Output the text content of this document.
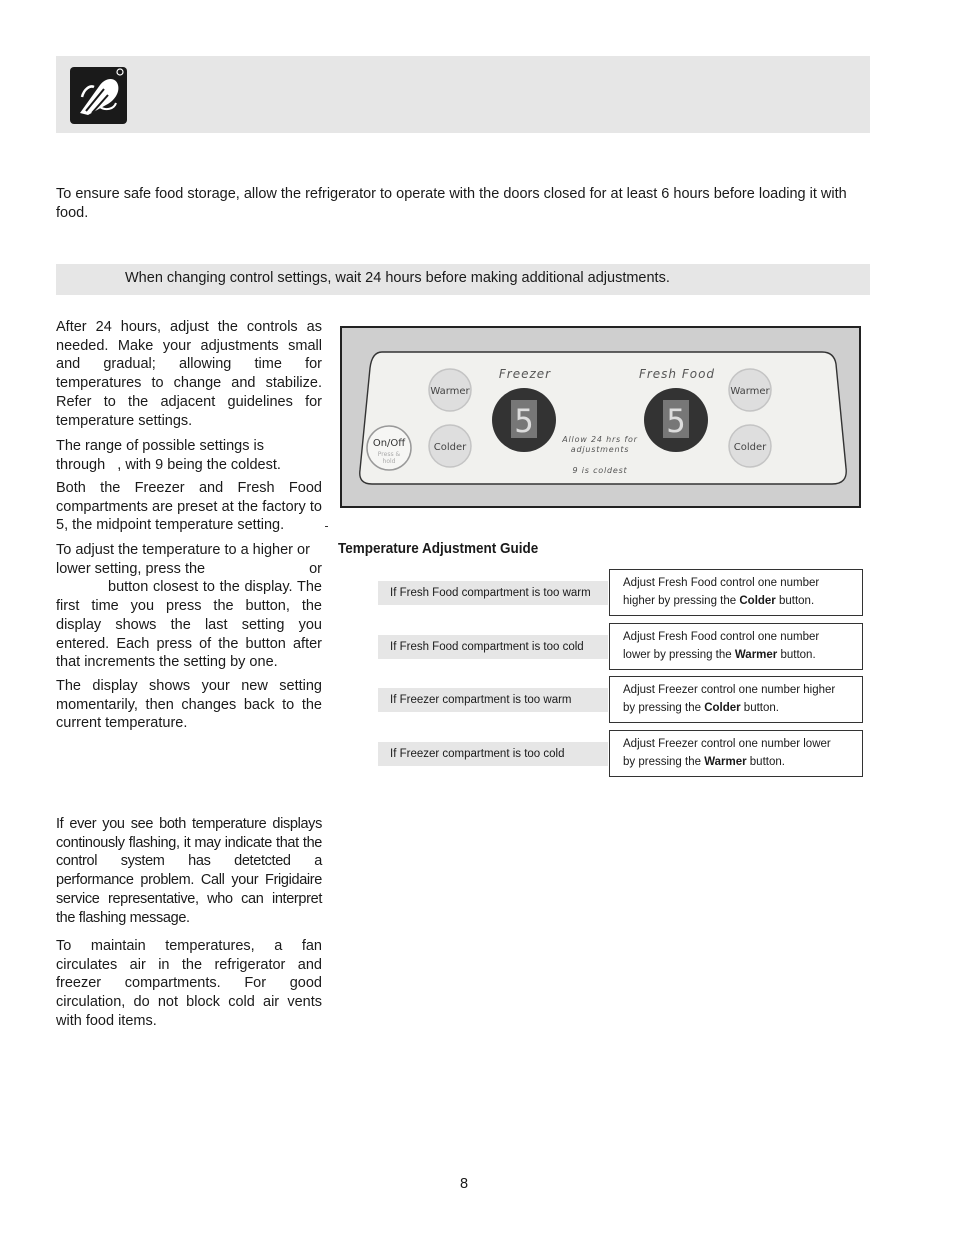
To ensure safe food storage, allow the refrigerator to operate with the doors closed for at least 6 hours before loading it with food.
When changing control settings, wait 24 hours before making additional adjustments.

After 24 hours, adjust the controls as needed. Make your adjustments small and gradual; allowing time for temperatures to change and stabilize. Refer to the adjacent guidelines for temperature settings.

The range of possible settings is

through   , with 9 being the coldest.

Both the Freezer and Fresh Food compartments are preset at the factory to 5, the midpoint temperature setting.

To adjust the temperature to a higher or

lower setting, press the	or

button closest to the display. The first time you press the button, the display shows the last setting you entered. Each press of the button after that increments the setting by one.

The display shows your new setting momentarily, then changes back to the current temperature.

If ever you see both temperature displays continously flashing, it may indicate that the control system has detetcted a performance problem. Call your Frigidaire service representative, who can interpret the flashing message.

To maintain temperatures, a fan circulates air in the refrigerator and freezer compartments. For good circulation, do not block cold air vents with food items.

Freezer	Fresh Food
5	5
Warmer
Colder
Warmer
Colder
On/Off
Press &
hold
Allow 24 hrs for
adjustments
9 is coldest
Temperature Adjustment Guide
If Fresh Food compartment is too warm
Adjust Fresh Food control one number
higher by pressing the Colder button.
If Fresh Food compartment is too cold
Adjust Fresh Food control one number
lower by pressing the Warmer button.
If Freezer compartment is too warm
Adjust Freezer control one number higher
by pressing the Colder button.
If Freezer compartment is too cold
Adjust Freezer control one number lower
by pressing the Warmer button.
8
